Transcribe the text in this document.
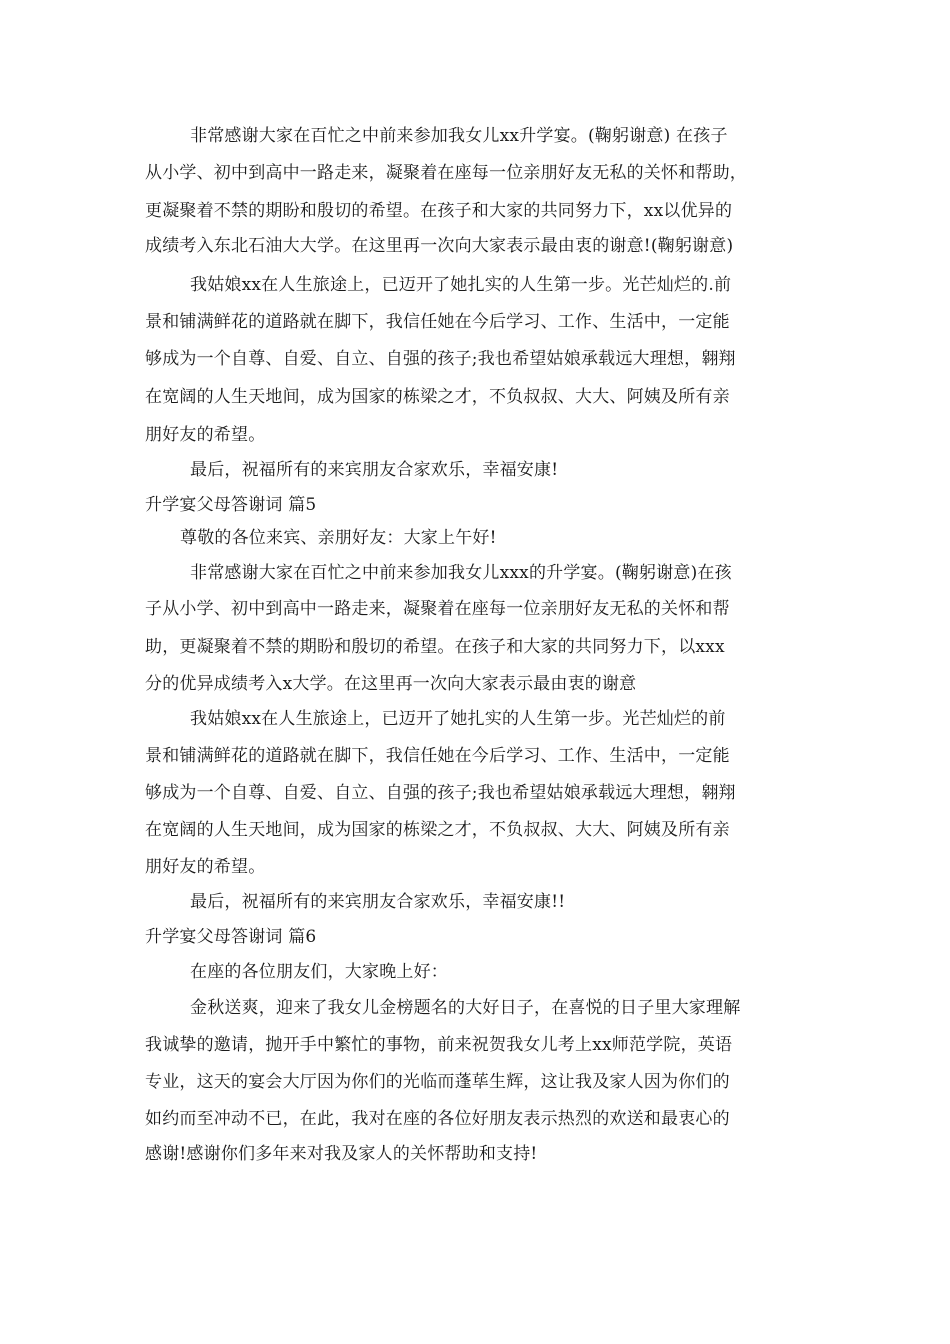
非常感谢大家在百忙之中前来参加我女儿xx升学宴。(鞠躬谢意) 在孩子
从小学、初中到高中一路走来，凝聚着在座每一位亲朋好友无私的关怀和帮助，
更凝聚着不禁的期盼和殷切的希望。在孩子和大家的共同努力下，xx以优异的
成绩考入东北石油大大学。在这里再一次向大家表示最由衷的谢意!(鞠躬谢意)
我姑娘xx在人生旅途上，已迈开了她扎实的人生第一步。光芒灿烂的.前
景和铺满鲜花的道路就在脚下，我信任她在今后学习、工作、生活中，一定能
够成为一个自尊、自爱、自立、自强的孩子;我也希望姑娘承载远大理想，翱翔
在宽阔的人生天地间，成为国家的栋梁之才，不负叔叔、大大、阿姨及所有亲
朋好友的希望。
最后，祝福所有的来宾朋友合家欢乐，幸福安康!
升学宴父母答谢词 篇5
尊敬的各位来宾、亲朋好友：大家上午好!
非常感谢大家在百忙之中前来参加我女儿xxx的升学宴。(鞠躬谢意)在孩
子从小学、初中到高中一路走来，凝聚着在座每一位亲朋好友无私的关怀和帮
助，更凝聚着不禁的期盼和殷切的希望。在孩子和大家的共同努力下，以xxx
分的优异成绩考入x大学。在这里再一次向大家表示最由衷的谢意
我姑娘xx在人生旅途上，已迈开了她扎实的人生第一步。光芒灿烂的前
景和铺满鲜花的道路就在脚下，我信任她在今后学习、工作、生活中，一定能
够成为一个自尊、自爱、自立、自强的孩子;我也希望姑娘承载远大理想，翱翔
在宽阔的人生天地间，成为国家的栋梁之才，不负叔叔、大大、阿姨及所有亲
朋好友的希望。
最后，祝福所有的来宾朋友合家欢乐，幸福安康!!
升学宴父母答谢词 篇6
在座的各位朋友们，大家晚上好：
金秋送爽，迎来了我女儿金榜题名的大好日子，在喜悦的日子里大家理解
我诚挚的邀请，抛开手中繁忙的事物，前来祝贺我女儿考上xx师范学院，英语
专业，这天的宴会大厅因为你们的光临而蓬荜生辉，这让我及家人因为你们的
如约而至冲动不已，在此，我对在座的各位好朋友表示热烈的欢送和最衷心的
感谢!感谢你们多年来对我及家人的关怀帮助和支持!
